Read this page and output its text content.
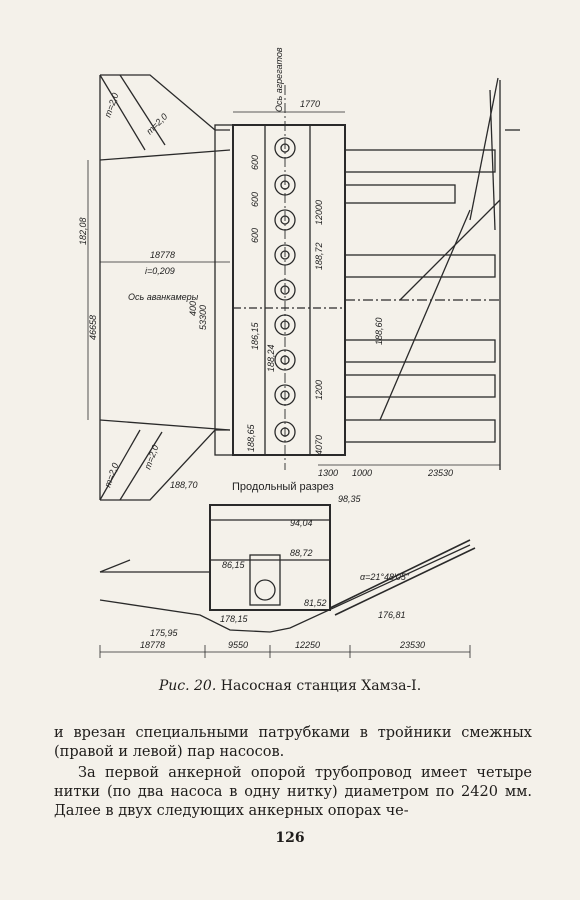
m=2,0
m=2,0
m=2,0
m=2,0
Ось агрегатов
Ось аванкамеры
1770
18778
i=0,209
182,08
46658	53300
400
600
600
600
12000
188,72
186,15
188,24
1200
188,65	4070
188,60
188,70
1300 1000	23530
Продольный разрез
98,35
94,04
88,72
86,15
81,52
178,15
175,95
176,81
α=21°48'05"
18778	9550	12250	23530
Рис. 20. Насосная станция Хамза-I.

и врезан специальными патрубками в тройники смежных (правой и левой) пар насосов.

За первой анкерной опорой трубопровод имеет четыре нитки (по два насоса в одну нитку) диаметром по 2420 мм. Далее в двух следующих анкерных опорах че-

126
